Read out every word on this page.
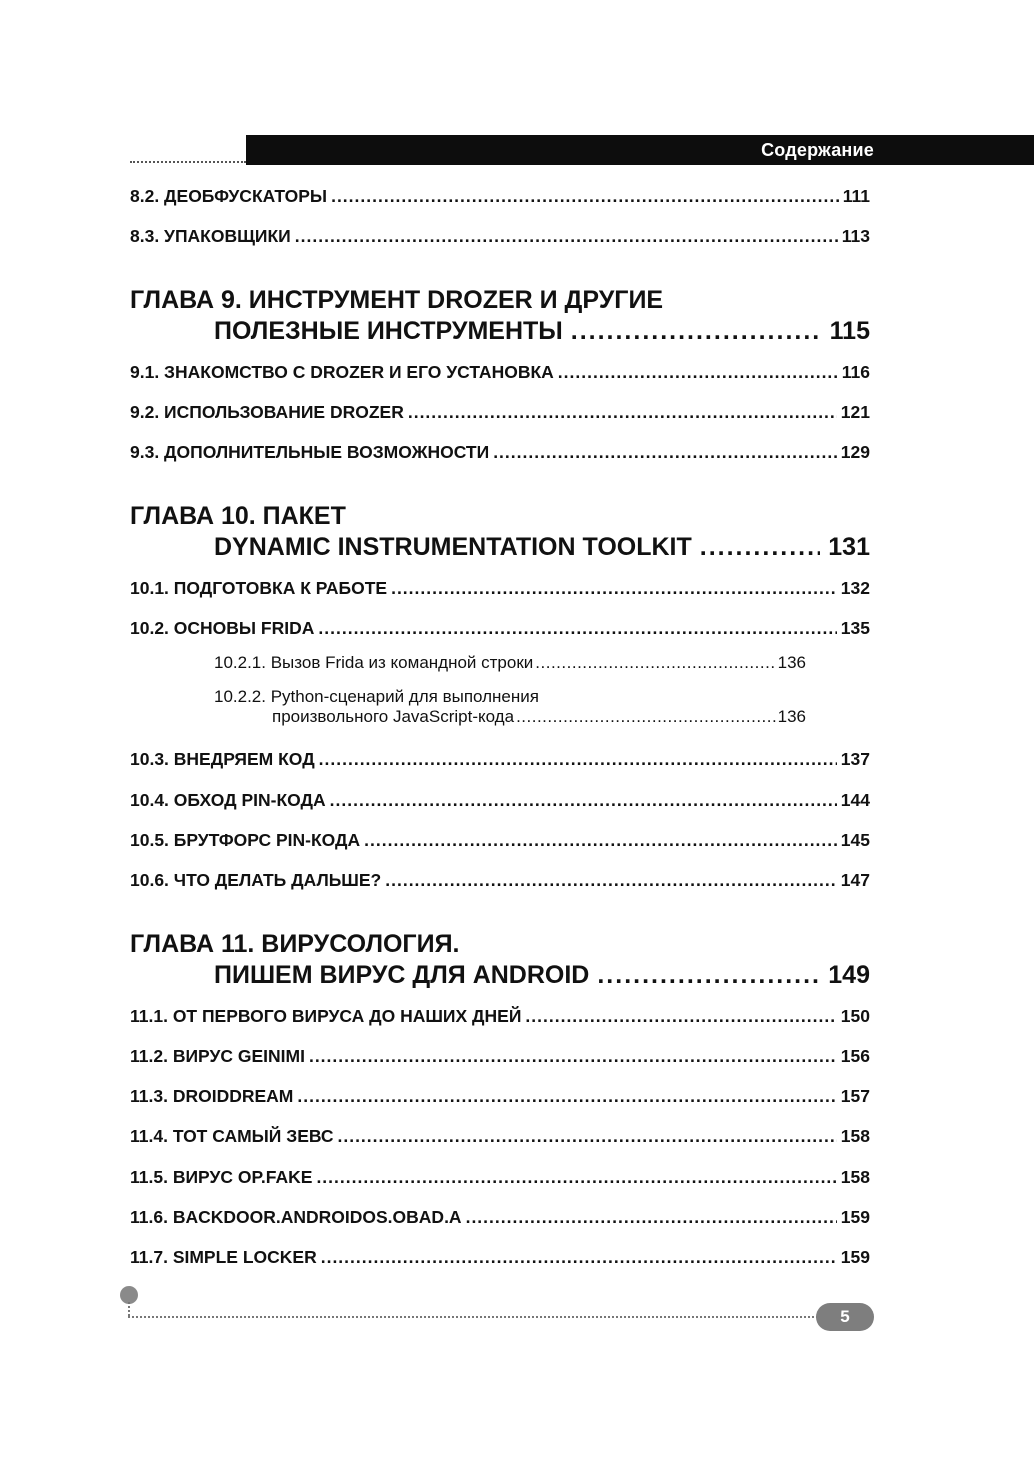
Содержание
8.2. ДЕОБФУСКАТОРЫ .....	111
8.3. УПАКОВЩИКИ .....	113
ГЛАВА 9. ИНСТРУМЕНТ DROZER И ДРУГИЕ
ПОЛЕЗНЫЕ ИНСТРУМЕНТЫ .....	115
9.1. ЗНАКОМСТВО С DROZER И ЕГО УСТАНОВКА .....	116
9.2. ИСПОЛЬЗОВАНИЕ DROZER .....	121
9.3. ДОПОЛНИТЕЛЬНЫЕ ВОЗМОЖНОСТИ .....	129
ГЛАВА 10. ПАКЕТ
DYNAMIC INSTRUMENTATION TOOLKIT .....	131
10.1. ПОДГОТОВКА К РАБОТЕ .....	132
10.2. ОСНОВЫ FRIDA .....	135
10.2.1. Вызов Frida из командной строки .....	136
10.2.2. Python-сценарий для выполнения
произвольного JavaScript-кода .....	136
10.3. ВНЕДРЯЕМ КОД .....	137
10.4. ОБХОД PIN-КОДА .....	144
10.5. БРУТФОРС PIN-КОДА .....	145
10.6. ЧТО ДЕЛАТЬ ДАЛЬШЕ? .....	147
ГЛАВА 11. ВИРУСОЛОГИЯ.
ПИШЕМ ВИРУС ДЛЯ ANDROID .....	149
11.1. ОТ ПЕРВОГО ВИРУСА ДО НАШИХ ДНЕЙ .....	150
11.2. ВИРУС GEINIMI .....	156
11.3. DROIDDREAM .....	157
11.4. ТОТ САМЫЙ ЗЕВС .....	158
11.5. ВИРУС OP.FAKE .....	158
11.6. BACKDOOR.ANDROIDOS.OBAD.A .....	159
11.7. SIMPLE LOCKER .....	159
5
